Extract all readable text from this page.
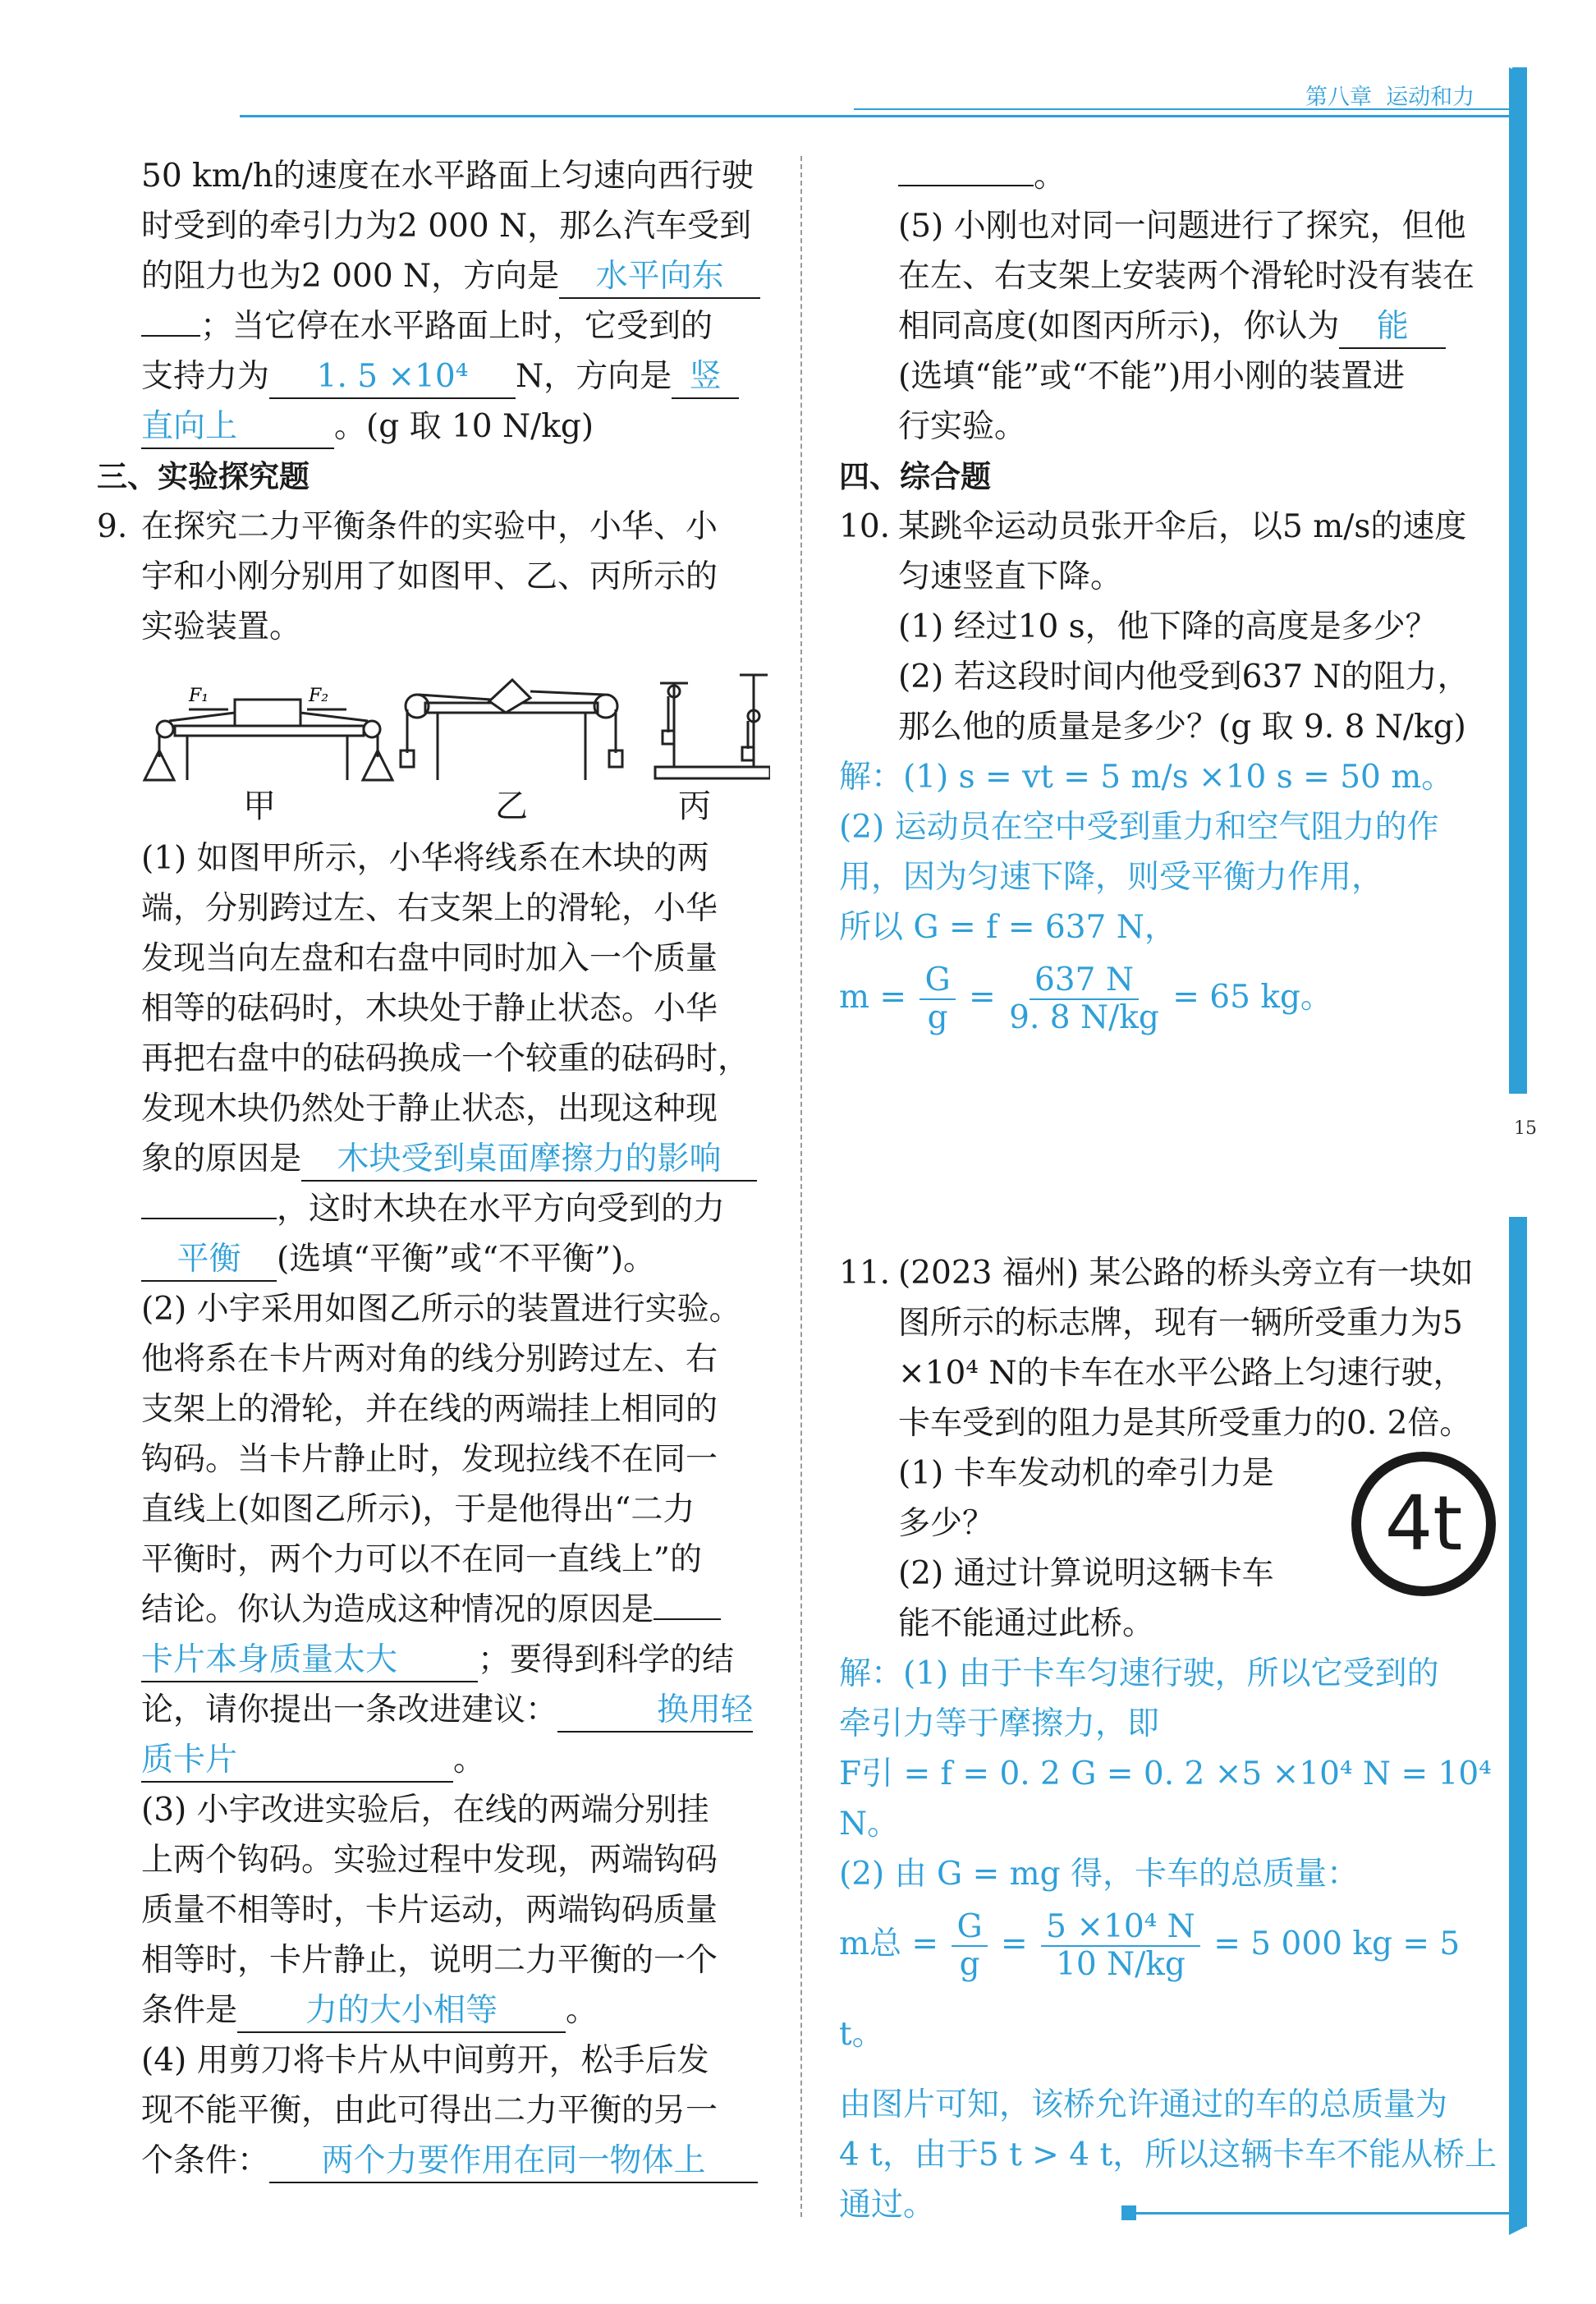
第八章 运动和力
15

50 km/h的速度在水平路面上匀速向西行驶

时受到的牵引力为2 000 N，那么汽车受到

的阻力也为2 000 N，方向是 水平向东

；当它停在水平路面上时，它受到的

支持力为 1. 5 ×10⁴ N，方向是 竖

直向上	。(g 取 10 N/kg)

三、实验探究题

9. 在探究二力平衡条件的实验中，小华、小

宇和小刚分别用了如图甲、乙、丙所示的

实验装置。

F₁	F₂
甲	乙	丙

(1) 如图甲所示，小华将线系在木块的两

端，分别跨过左、右支架上的滑轮，小华

发现当向左盘和右盘中同时加入一个质量

相等的砝码时，木块处于静止状态。小华

再把右盘中的砝码换成一个较重的砝码时，

发现木块仍然处于静止状态，出现这种现

象的原因是 木块受到桌面摩擦力的影响

，这时木块在水平方向受到的力

平衡 (选填“平衡”或“不平衡”)。

(2) 小宇采用如图乙所示的装置进行实验。

他将系在卡片两对角的线分别跨过左、右

支架上的滑轮，并在线的两端挂上相同的

钩码。当卡片静止时，发现拉线不在同一

直线上(如图乙所示)，于是他得出“二力

平衡时，两个力可以不在同一直线上”的

结论。你认为造成这种情况的原因是

卡片本身质量太大	；要得到科学的结

论，请你提出一条改进建议：	换用轻

质卡片	。

(3) 小宇改进实验后，在线的两端分别挂

上两个钩码。实验过程中发现，两端钩码

质量不相等时，卡片运动，两端钩码质量

相等时，卡片静止，说明二力平衡的一个

条件是 力的大小相等 。

(4) 用剪刀将卡片从中间剪开，松手后发

现不能平衡，由此可得出二力平衡的另一

个条件： 两个力要作用在同一物体上

。

(5) 小刚也对同一问题进行了探究，但他

在左、右支架上安装两个滑轮时没有装在

相同高度(如图丙所示)，你认为 能

(选填“能”或“不能”)用小刚的装置进

行实验。

四、综合题

10. 某跳伞运动员张开伞后，以5 m/s的速度

匀速竖直下降。

(1) 经过10 s，他下降的高度是多少？

(2) 若这段时间内他受到637 N的阻力，

那么他的质量是多少？(g 取 9. 8 N/kg)

解：(1) s = vt = 5 m/s ×10 s = 50 m。

(2) 运动员在空中受到重力和空气阻力的作

用，因为匀速下降，则受平衡力作用，

所以 G = f = 637 N，

$m = \frac{G}{g} = \frac{637 N}{9. 8 N/kg} = 65$ kg。

11. (2023 福州) 某公路的桥头旁立有一块如

图所示的标志牌，现有一辆所受重力为5

×10⁴ N的卡车在水平公路上匀速行驶，

卡车受到的阻力是其所受重力的0. 2倍。

(1) 卡车发动机的牵引力是

多少？

(2) 通过计算说明这辆卡车

能不能通过此桥。

解：(1) 由于卡车匀速行驶，所以它受到的

牵引力等于摩擦力，即

F引 = f = 0. 2 G = 0. 2 ×5 ×10⁴ N = 10⁴ N。

(2) 由 G = mg 得，卡车的总质量：

m总 = $\frac{G}{g} = \frac{\text{5 ×10⁴ N}}{10 N/kg} = 5$ 000 kg = 5 t。

由图片可知，该桥允许通过的车的总质量为

4 t，由于5 t > 4 t，所以这辆卡车不能从桥上

通过。

4t
